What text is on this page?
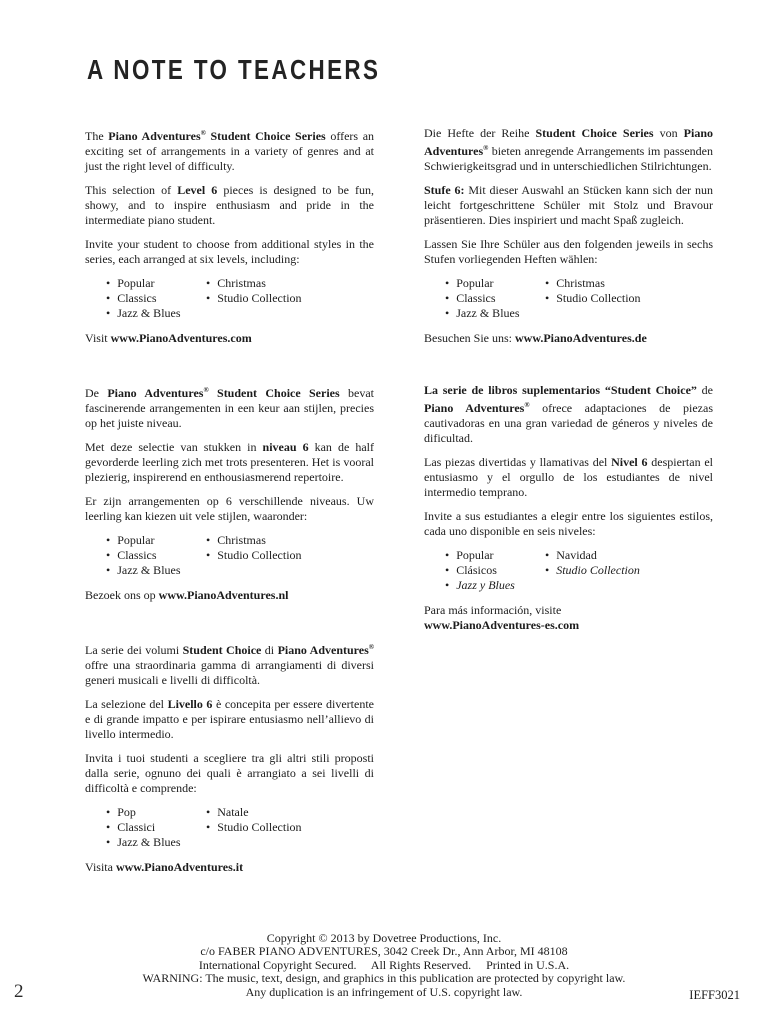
A NOTE TO TEACHERS

The Piano Adventures® Student Choice Series offers an exciting set of arrangements in a variety of genres and at just the right level of difficulty.

This selection of Level 6 pieces is designed to be fun, showy, and to inspire enthusiasm and pride in the intermediate piano student.

Invite your student to choose from additional styles in the series, each arranged at six levels, including:

•Popular
•Classics
•Jazz & Blues
•Christmas
•Studio Collection

Visit www.PianoAdventures.com

De Piano Adventures® Student Choice Series bevat fascinerende arrangementen in een keur aan stijlen, precies op het juiste niveau.

Met deze selectie van stukken in niveau 6 kan de half gevorderde leerling zich met trots presenteren. Het is vooral plezierig, inspirerend en enthousiasmerend repertoire.

Er zijn arrangementen op 6 verschillende niveaus. Uw leerling kan kiezen uit vele stijlen, waaronder:

•Popular
•Classics
•Jazz & Blues
•Christmas
•Studio Collection

Bezoek ons op www.PianoAdventures.nl

La serie dei volumi Student Choice di Piano Adventures® offre una straordinaria gamma di arrangiamenti di diversi generi musicali e livelli di difficoltà.

La selezione del Livello 6 è concepita per essere divertente e di grande impatto e per ispirare entusiasmo nell’allievo di livello intermedio.

Invita i tuoi studenti a scegliere tra gli altri stili proposti dalla serie, ognuno dei quali è arrangiato a sei livelli di difficoltà e comprende:

•Pop
•Classici
•Jazz & Blues
•Natale
•Studio Collection

Visita www.PianoAdventures.it

Die Hefte der Reihe Student Choice Series von Piano Adventures® bieten anregende Arrangements im passenden Schwierigkeitsgrad und in unterschiedlichen Stilrichtungen.

Stufe 6: Mit dieser Auswahl an Stücken kann sich der nun leicht fortgeschrittene Schüler mit Stolz und Bravour präsentieren. Dies inspiriert und macht Spaß zugleich.

Lassen Sie Ihre Schüler aus den folgenden jeweils in sechs Stufen vorliegenden Heften wählen:

•Popular
•Classics
•Jazz & Blues
•Christmas
•Studio Collection

Besuchen Sie uns: www.PianoAdventures.de

La serie de libros suplementarios “Student Choice” de Piano Adventures® ofrece adaptaciones de piezas cautivadoras en una gran variedad de géneros y niveles de dificultad.

Las piezas divertidas y llamativas del Nivel 6 despiertan el entusiasmo y el orgullo de los estudiantes de nivel intermedio temprano.

Invite a sus estudiantes a elegir entre los siguientes estilos, cada uno disponible en seis niveles:

•Popular
•Clásicos
•Jazz y Blues
•Navidad
•Studio Collection

Para más información, visite
www.PianoAdventures-es.com

Copyright © 2013 by Dovetree Productions, Inc.
c/o FABER PIANO ADVENTURES, 3042 Creek Dr., Ann Arbor, MI 48108
International Copyright Secured.     All Rights Reserved.     Printed in U.S.A.
WARNING: The music, text, design, and graphics in this publication are protected by copyright law.
Any duplication is an infringement of U.S. copyright law.
2	IEFF3021
